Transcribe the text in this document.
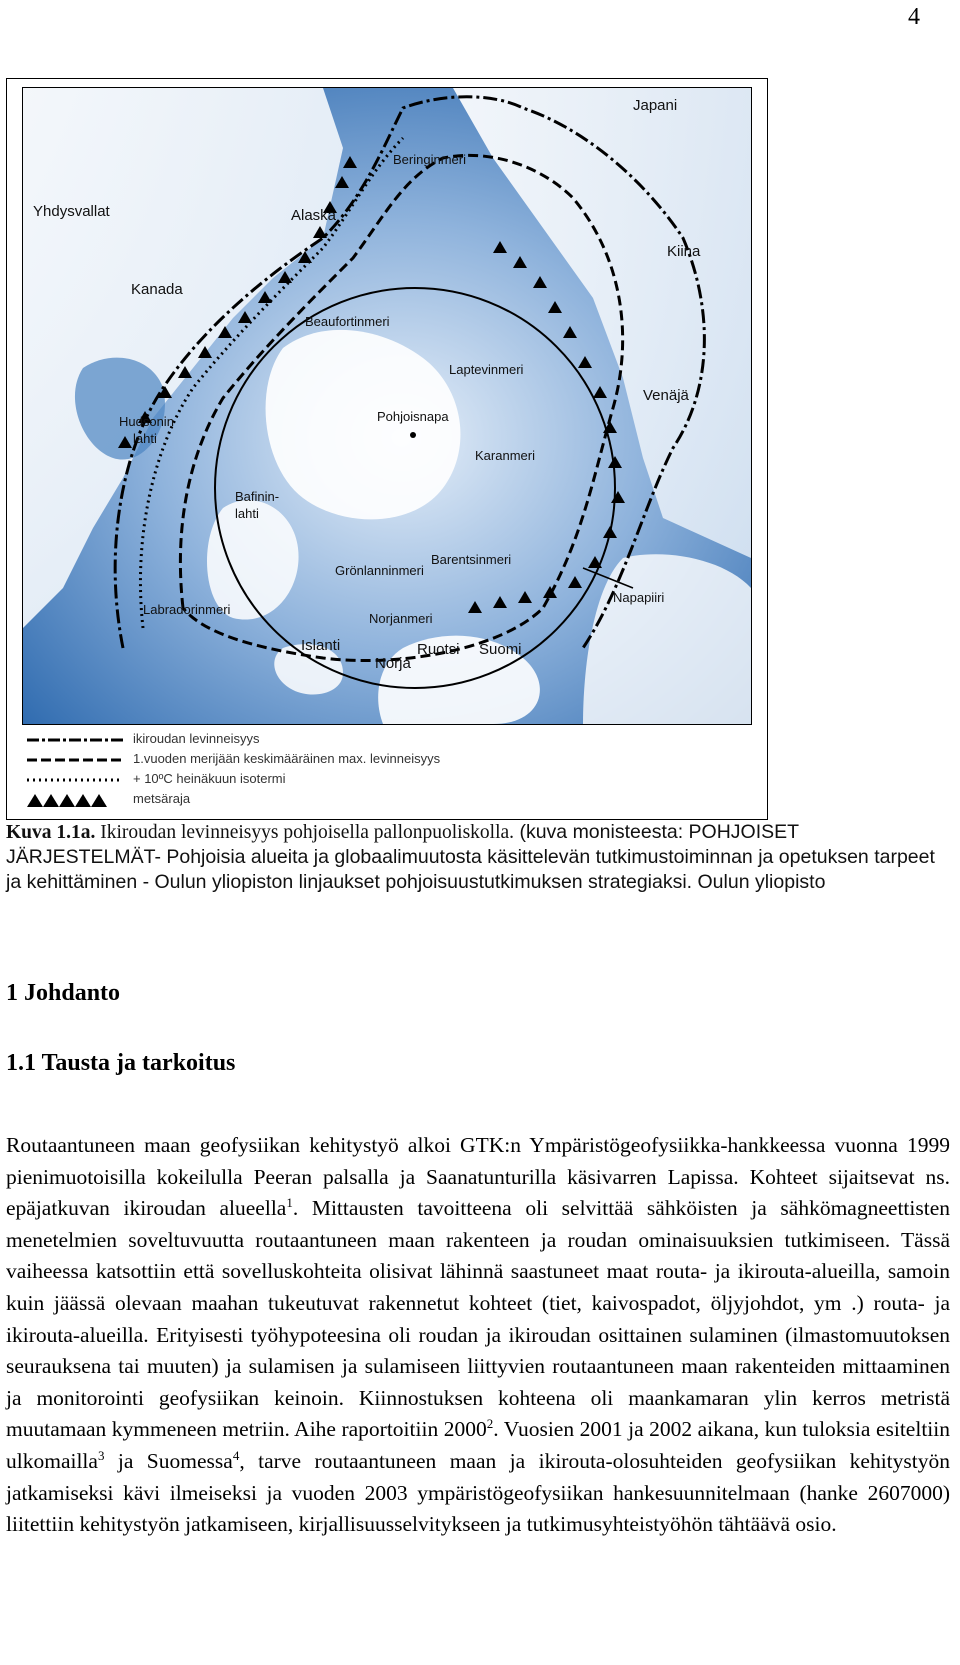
4
Japani
Beringinmeri
Yhdysvallat	Alaska
Kiina
Kanada
Beaufortinmeri
Laptevinmeri
Venäjä
Hudsonin
lahti
Pohjoisnapa
Karanmeri
Bafinin-
lahti
Barentsinmeri
Grönlanninmeri
Napapiiri
Labradorinmeri
Norjanmeri
Islanti	Ruotsi Suomi
Norja
ikiroudan levinneisyys
1.vuoden merijään keskimääräinen max. levinneisyys
+ 10ºC heinäkuun isotermi
metsäraja
Kuva 1.1a. Ikiroudan levinneisyys pohjoisella pallonpuoliskolla. (kuva monisteesta: POHJOISET JÄRJESTELMÄT- Pohjoisia alueita ja globaalimuutosta käsittelevän tutkimustoiminnan ja opetuksen tarpeet ja kehittäminen - Oulun yliopiston linjaukset pohjoisuustutkimuksen strategiaksi. Oulun yliopisto
1 Johdanto
1.1 Tausta ja tarkoitus
Routaantuneen maan geofysiikan kehitystyö alkoi GTK:n Ympäristögeofysiikka-hankkeessa vuonna 1999 pienimuotoisilla kokeilulla Peeran palsalla ja Saanatunturilla käsivarren Lapissa. Kohteet sijaitsevat ns. epäjatkuvan ikiroudan alueella$^1$. Mittausten tavoitteena oli selvittää sähköisten ja sähkömagneettisten menetelmien soveltuvuutta routaantuneen maan rakenteen ja roudan ominaisuuksien tutkimiseen. Tässä vaiheessa katsottiin että sovelluskohteita olisivat lähinnä saastuneet maat routa- ja ikirouta-alueilla, samoin kuin jäässä olevaan maahan tukeutuvat rakennetut kohteet (tiet, kaivospadot, öljyjohdot, ym .) routa- ja ikirouta-alueilla. Erityisesti työhypoteesina oli roudan ja ikiroudan osittainen sulaminen (ilmastomuutoksen seurauksena tai muuten) ja sulamisen ja sulamiseen liittyvien routaantuneen maan rakenteiden mittaaminen ja monitorointi geofysiikan keinoin. Kiinnostuksen kohteena oli maankamaran ylin kerros metristä muutamaan kymmeneen metriin. Aihe raportoitiin 2000$^2$. Vuosien 2001 ja 2002 aikana, kun tuloksia esiteltiin ulkomailla$^3$ ja Suomessa$^4$, tarve routaantuneen maan ja ikirouta-olosuhteiden geofysiikan kehitystyön jatkamiseksi kävi ilmeiseksi ja vuoden 2003 ympäristögeofysiikan hankesuunnitelmaan (hanke 2607000) liitettiin kehitystyön jatkamiseen, kirjallisuusselvitykseen ja tutkimusyhteistyöhön tähtäävä osio.
